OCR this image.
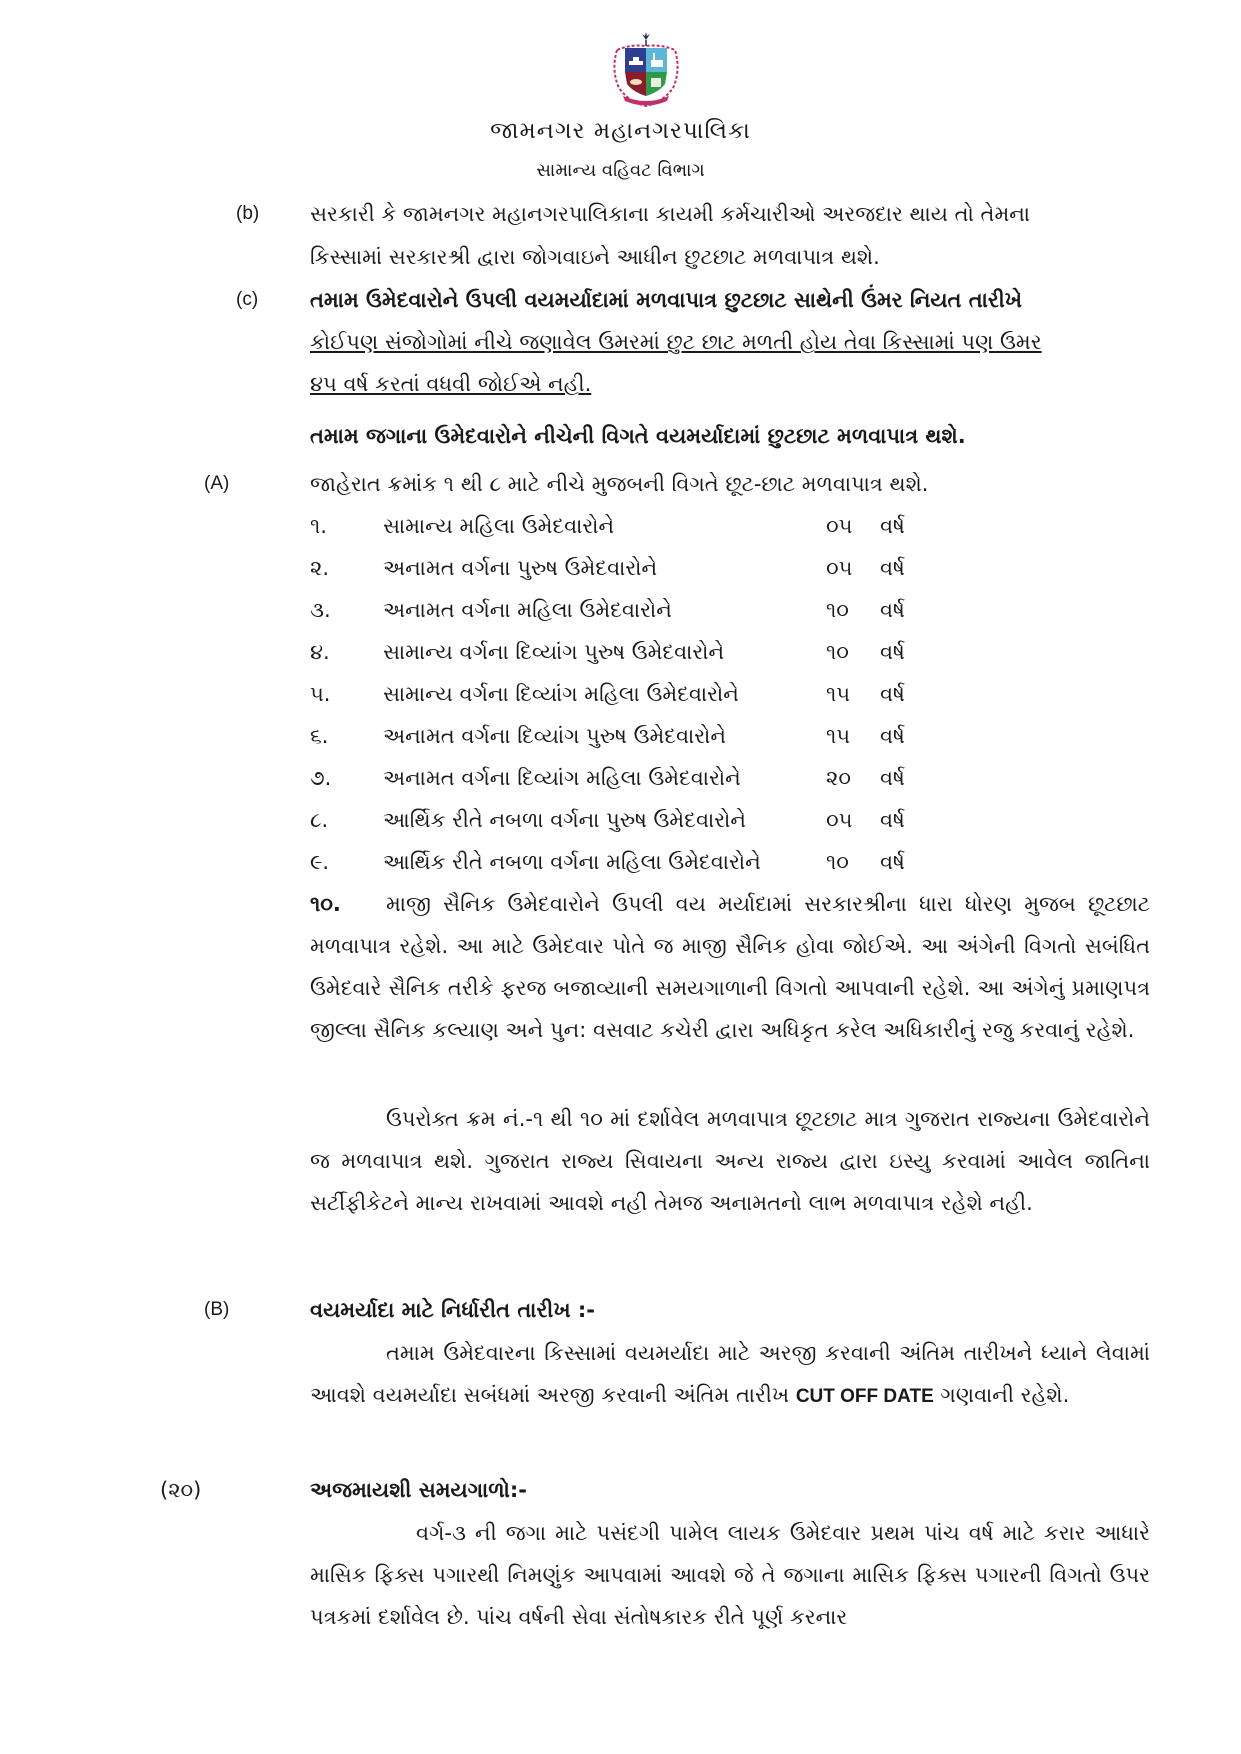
જામનગર મહાનગરપાલિકા
સામાન્ય વહિવટ વિભાગ
(b) સરકારી કે જામનગર મહાનગરપાલિકાના કાયમી કર્મચારીઓ અરજદાર થાય તો તેમના
કિસ્સામાં સરકારશ્રી દ્વારા જોગવાઇને આધીન છુટછાટ મળવાપાત્ર થશે.
(c) તમામ ઉમેદવારોને ઉપલી વયમર્યાદામાં મળવાપાત્ર છુટછાટ સાથેની ઉંમર નિયત તારીખે
કોઈપણ સંજોગોમાં નીચે જણાવેલ ઉમરમાં છુટ છાટ મળતી હોય તેવા કિસ્સામાં પણ ઉમર
૪૫ વર્ષ કરતાં વધવી જોઈએ નહી.
તમામ જગાના ઉમેદવારોને નીચેની વિગતે વયમર્યાદામાં છુટછાટ મળવાપાત્ર થશે.
(A)	જાહેરાત ક્રમાંક ૧ થી ૮ માટે નીચે મુજબની વિગતે છૂટ-છાટ મળવાપાત્ર થશે.
૧.	સામાન્ય મહિલા ઉમેદવારોને	૦૫ વર્ષ
૨.	અનામત વર્ગના પુરુષ ઉમેદવારોને	૦૫ વર્ષ
૩. અનામત વર્ગના મહિલા ઉમેદવારોને	૧૦ વર્ષ
૪.	સામાન્ય વર્ગના દિવ્યાંગ પુરુષ ઉમેદવારોને	૧૦ વર્ષ
૫.	સામાન્ય વર્ગના દિવ્યાંગ મહિલા ઉમેદવારોને	૧૫ વર્ષ
૬.	અનામત વર્ગના દિવ્યાંગ પુરુષ ઉમેદવારોને	૧૫ વર્ષ
૭. અનામત વર્ગના દિવ્યાંગ મહિલા ઉમેદવારોને	૨૦ વર્ષ
૮.	આર્થિક રીતે નબળા વર્ગના પુરુષ ઉમેદવારોને	૦૫ વર્ષ
૯.	આર્થિક રીતે નબળા વર્ગના મહિલા ઉમેદવારોને	૧૦ વર્ષ
૧૦. માજી સૈનિક ઉમેદવારોને ઉપલી વય મર્યાદામાં સરકારશ્રીના ધારા ધોરણ મુજબ છૂટછાટ મળવાપાત્ર રહેશે. આ માટે ઉમેદવાર પોતે જ માજી સૈનિક હોવા જોઈએ. આ અંગેની વિગતો સબંધિત ઉમેદવારે સૈનિક તરીકે ફરજ બજાવ્યાની સમયગાળાની વિગતો આપવાની રહેશે. આ અંગેનું પ્રમાણપત્ર જીલ્લા સૈનિક કલ્યાણ અને પુન: વસવાટ કચેરી દ્વારા અધિકૃત કરેલ અધિકારીનું રજુ કરવાનું રહેશે.
ઉપરોક્ત ક્રમ નં.-૧ થી ૧૦ માં દર્શાવેલ મળવાપાત્ર છૂટછાટ માત્ર ગુજરાત રાજ્યના ઉમેદવારોને જ મળવાપાત્ર થશે. ગુજરાત રાજ્ય સિવાયના અન્ય રાજ્ય દ્વારા ઇસ્યુ કરવામાં આવેલ જાતિના સર્ટીફીકેટને માન્ય રાખવામાં આવશે નહી તેમજ અનામતનો લાભ મળવાપાત્ર રહેશે નહી.
(B)	વયમર્યાદા માટે નિર્ધારીત તારીખ :-
તમામ ઉમેદવારના કિસ્સામાં વયમર્યાદા માટે અરજી કરવાની અંતિમ તારીખને ધ્યાને લેવામાં આવશે વયમર્યાદા સબંધમાં અરજી કરવાની અંતિમ તારીખ CUT OFF DATE ગણવાની રહેશે.
(૨૦)	અજમાયશી સમયગાળો:-
વર્ગ-૩ ની જગા માટે પસંદગી પામેલ લાયક ઉમેદવાર પ્રથમ પાંચ વર્ષ માટે કરાર આધારે માસિક ફિક્સ પગારથી નિમણુંક આપવામાં આવશે જે તે જગાના માસિક ફિક્સ પગારની વિગતો ઉપર પત્રકમાં દર્શાવેલ છે. પાંચ વર્ષની સેવા સંતોષકારક રીતે પૂર્ણ કરનાર
